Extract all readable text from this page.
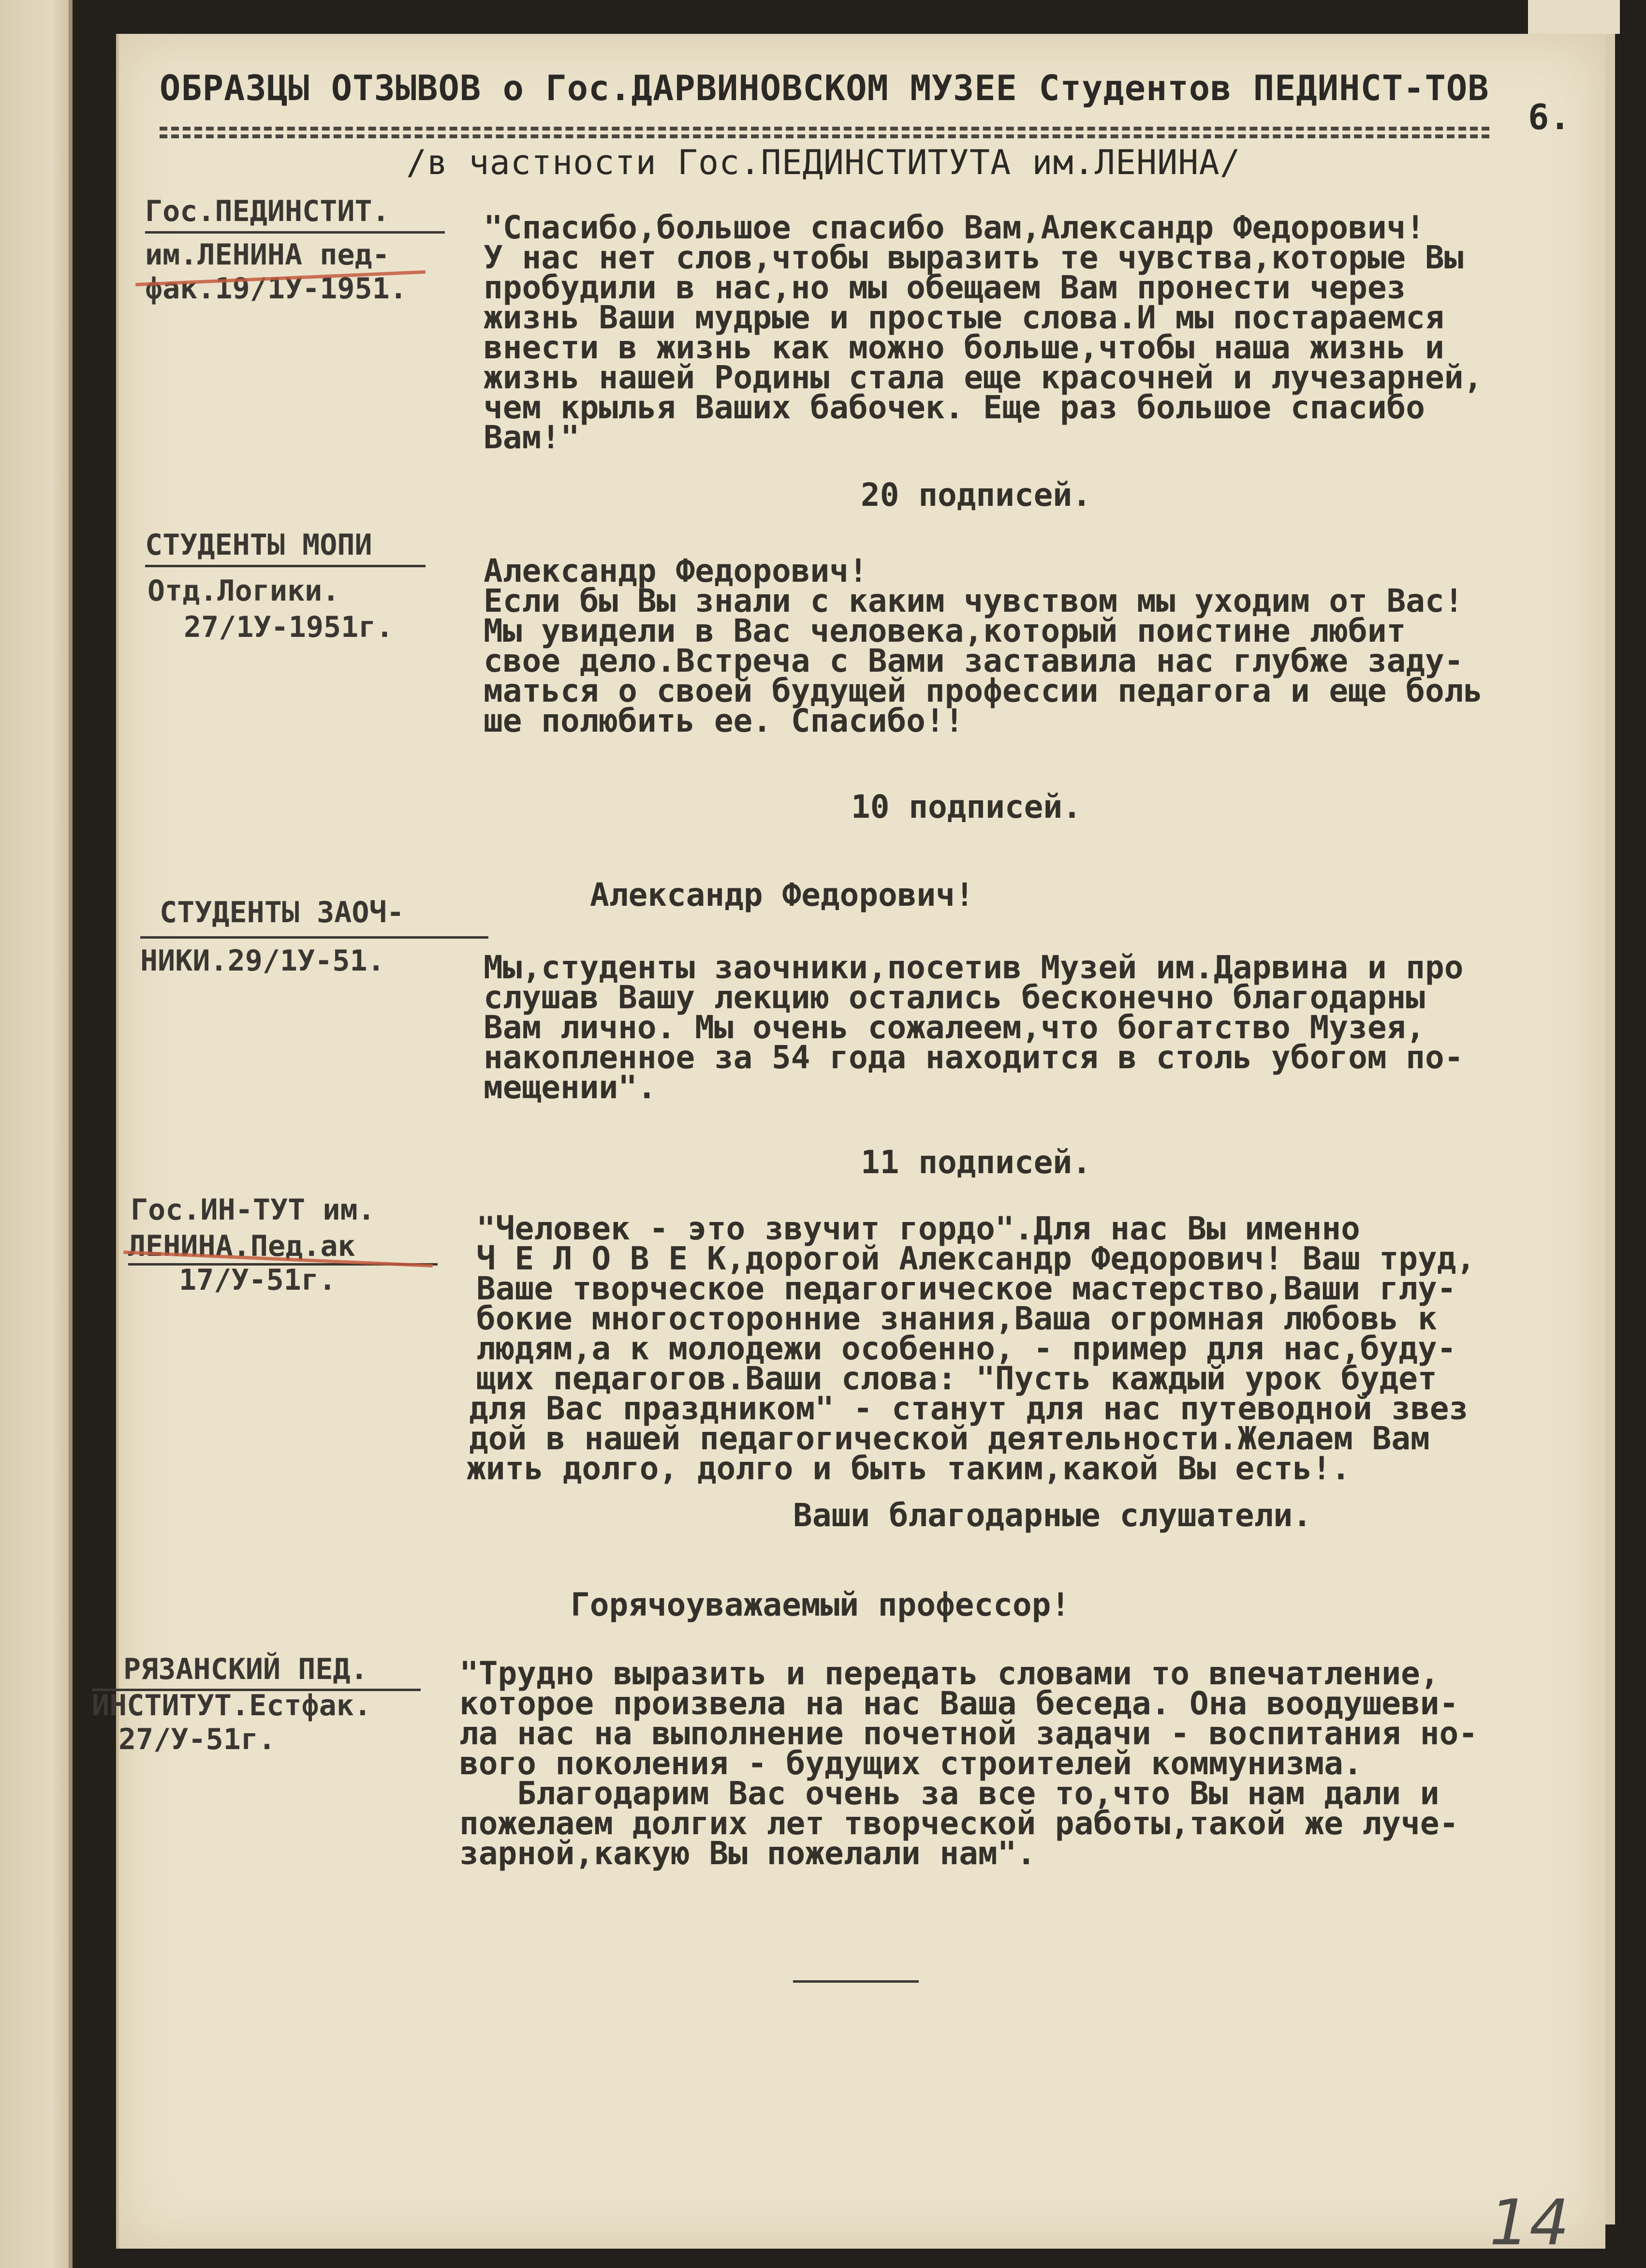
ОБРАЗЦЫ ОТЗЫВОВ о Гос.ДАРВИНОВСКОМ МУЗЕЕ Студентов ПЕДИНСТ-ТОВ
6.
/в частности Гос.ПЕДИНСТИТУТА им.ЛЕНИНА/
Гос.ПЕДИНСТИТ.
им.ЛЕНИНА пед-
фак.19/1У-1951.
"Спасибо,большое спасибо Вам,Александр Федорович!
У нас нет слов,чтобы выразить те чувства,которые Вы
пробудили в нас,но мы обещаем Вам пронести через
жизнь Ваши мудрые и простые слова.И мы постараемся
внести в жизнь как можно больше,чтобы наша жизнь и
жизнь нашей Родины стала еще красочней и лучезарней,
чем крылья Ваших бабочек. Еще раз большое спасибо
Вам!"
20 подписей.
СТУДЕНТЫ МОПИ
Отд.Логики.
27/1У-1951г.
Александр Федорович!
Если бы Вы знали с каким чувством мы уходим от Вас!
Мы увидели в Вас человека,который поистине любит
свое дело.Встреча с Вами заставила нас глубже заду-
маться о своей будущей профессии педагога и еще боль
ше полюбить ее. Спасибо!!
10 подписей.
Александр Федорович!
СТУДЕНТЫ ЗАОЧ-
НИКИ.29/1У-51.	Мы,студенты заочники,посетив Музей им.Дарвина и про
слушав Вашу лекцию остались бесконечно благодарны
Вам лично. Мы очень сожалеем,что богатство Музея,
накопленное за 54 года находится в столь убогом по-
мещении".
11 подписей.
Гос.ИН-ТУТ им.
ЛЕНИНА.Пед.ак
17/У-51г.
"Человек - это звучит гордо".Для нас Вы именно
Ч Е Л О В Е К,дорогой Александр Федорович! Ваш труд,
Ваше творческое педагогическое мастерство,Ваши глу-
бокие многосторонние знания,Ваша огромная любовь к
людям,а к молодежи особенно, - пример для нас,буду-
щих педагогов.Ваши слова: "Пусть каждый урок будет
для Вас праздником" - станут для нас путеводной звез
дой в нашей педагогической деятельности.Желаем Вам
жить долго, долго и быть таким,какой Вы есть!.
Ваши благодарные слушатели.
Горячоуважаемый профессор!
РЯЗАНСКИЙ ПЕД.
ИНСТИТУТ.Естфак.
27/У-51г.
"Трудно выразить и передать словами то впечатление,
которое произвела на нас Ваша беседа. Она воодушеви-
ла нас на выполнение почетной задачи - воспитания но-
вого поколения - будущих строителей коммунизма.
Благодарим Вас очень за все то,что Вы нам дали и
пожелаем долгих лет творческой работы,такой же луче-
зарной,какую Вы пожелали нам".
14
